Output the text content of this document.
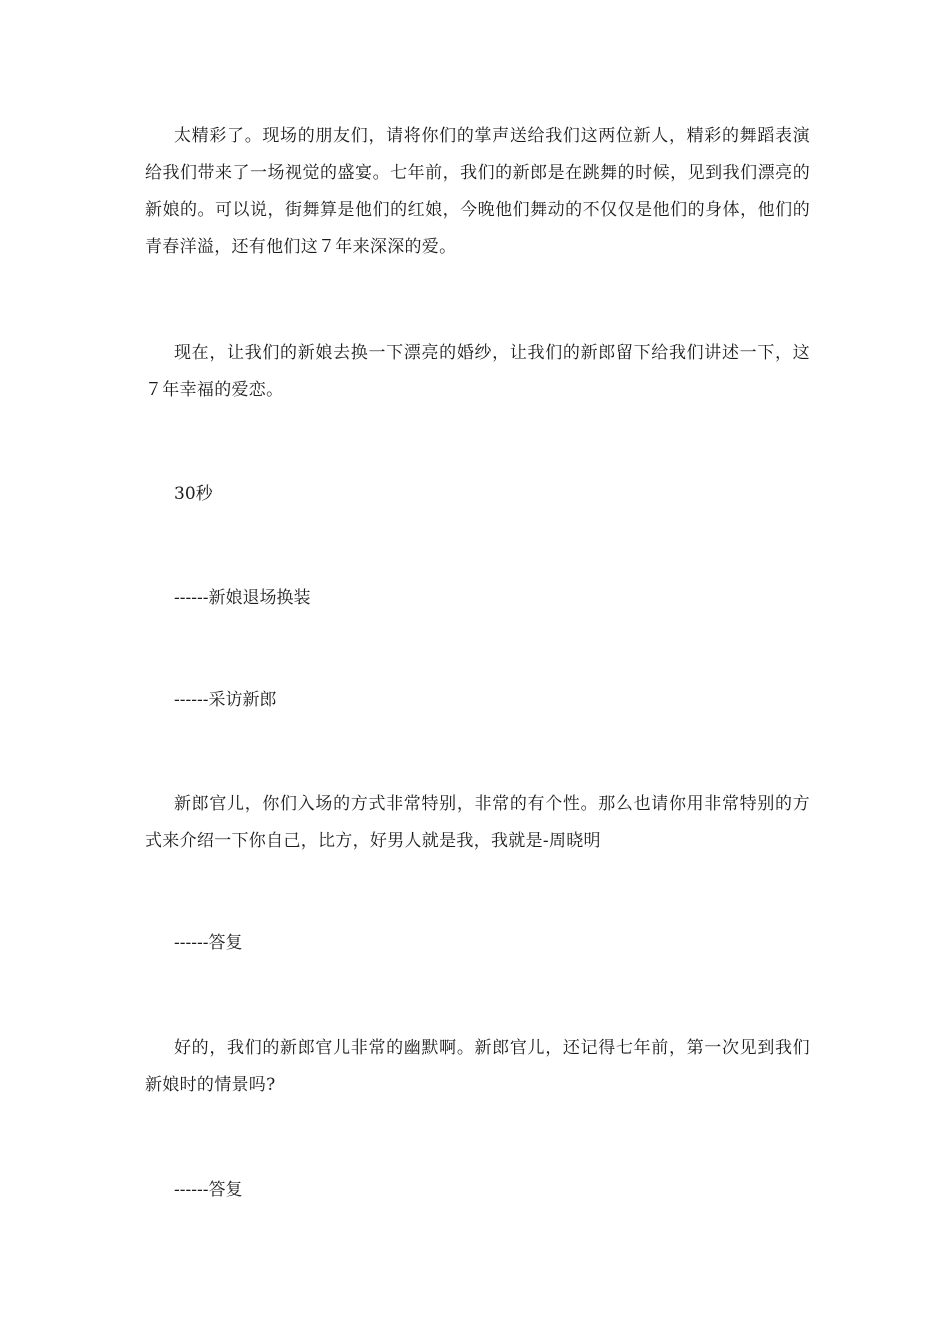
太精彩了。现场的朋友们，请将你们的掌声送给我们这两位新人，精彩的舞蹈表演给我们带来了一场视觉的盛宴。七年前，我们的新郎是在跳舞的时候，见到我们漂亮的新娘的。可以说，街舞算是他们的红娘，今晚他们舞动的不仅仅是他们的身体，他们的青春洋溢，还有他们这７年来深深的爱。

现在，让我们的新娘去换一下漂亮的婚纱，让我们的新郎留下给我们讲述一下，这７年幸福的爱恋。

30秒

------新娘退场换装

------采访新郎

新郎官儿，你们入场的方式非常特别，非常的有个性。那么也请你用非常特别的方式来介绍一下你自己，比方，好男人就是我，我就是-周晓明

------答复

好的，我们的新郎官儿非常的幽默啊。新郎官儿，还记得七年前，第一次见到我们新娘时的情景吗?

------答复
